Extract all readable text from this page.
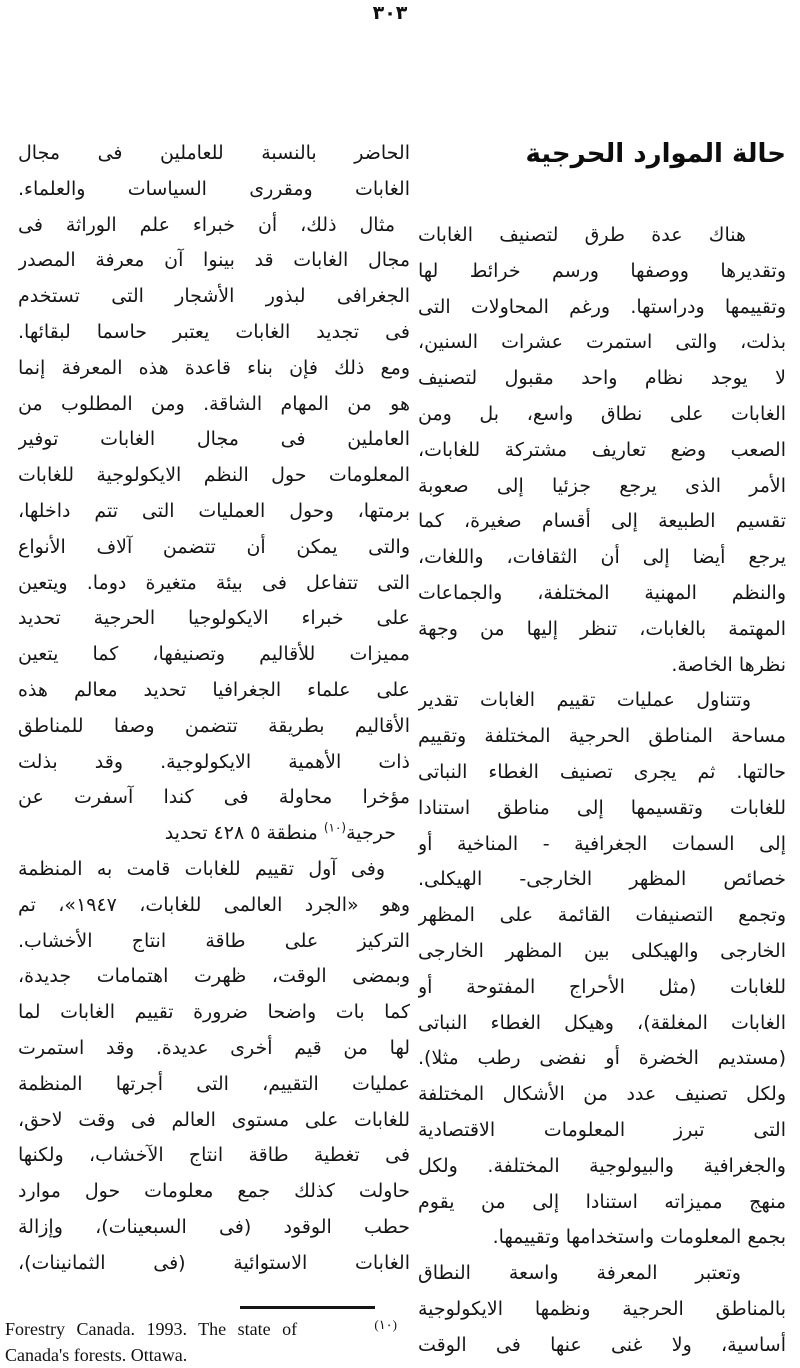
٣٠٣
الحاضر بالنسبة للعاملين فى مجال
الغابات ومقررى السياسات والعلماء.
مثال ذلك، أن خبراء علم الوراثة فى
مجال الغابات قد بينوا آن معرفة المصدر
الجغرافى لبذور الأشجار التى تستخدم
فى تجديد الغابات يعتبر حاسما لبقائها.
ومع ذلك فإن بناء قاعدة هذه المعرفة إنما
هو من المهام الشاقة. ومن المطلوب من
العاملين فى مجال الغابات توفير
المعلومات حول النظم الايكولوجية للغابات
برمتها، وحول العمليات التى تتم داخلها،
والتى يمكن أن تتضمن آلاف الأنواع
التى تتفاعل فى بيئة متغيرة دوما. ويتعين
على خبراء الايكولوجيا الحرجية تحديد
مميزات للأقاليم وتصنيفها، كما يتعين
على علماء الجغرافيا تحديد معالم هذه
الأقاليم بطريقة تتضمن وصفا للمناطق
ذات الأهمية الايكولوجية. وقد بذلت
مؤخرا محاولة فى كندا آسفرت عن
تحديد‎ ٤٢٨‎ ٥‎ منطقة‎ حرجية$^{(١٠)}$
وفى آول تقييم للغابات قامت به المنظمة
وهو «الجرد العالمى للغابات، ١٩٤٧»، تم
التركيز على طاقة انتاج الأخشاب.
وبمضى الوقت، ظهرت اهتمامات جديدة،
كما بات واضحا ضرورة تقييم الغابات لما
لها من قيم أخرى عديدة. وقد استمرت
عمليات التقييم، التى أجرتها المنظمة
للغابات على مستوى العالم فى وقت لاحق،
فى تغطية طاقة انتاج الآخشاب، ولكنها
حاولت كذلك جمع معلومات حول موارد
حطب الوقود (فى السبعينات)، وإزالة
الغابات الاستوائية (فى الثمانينات)،
حالة الموارد الحرجية
هناك عدة طرق لتصنيف الغابات
وتقديرها ووصفها ورسم خرائط لها
وتقييمها ودراستها. ورغم المحاولات التى
بذلت، والتى استمرت عشرات السنين،
لا يوجد نظام واحد مقبول لتصنيف
الغابات على نطاق واسع، بل ومن
الصعب وضع تعاريف مشتركة للغابات،
الأمر الذى يرجع جزئيا إلى صعوبة
تقسيم الطبيعة إلى أقسام صغيرة، كما
يرجع أيضا إلى أن الثقافات، واللغات،
والنظم المهنية المختلفة، والجماعات
المهتمة بالغابات، تنظر إليها من وجهة
نظرها الخاصة.
وتتناول عمليات تقييم الغابات تقدير
مساحة المناطق الحرجية المختلفة وتقييم
حالتها. ثم يجرى تصنيف الغطاء النباتى
للغابات وتقسيمها إلى مناطق استنادا
إلى السمات الجغرافية - المناخية أو
خصائص المظهر الخارجى- الهيكلى.
وتجمع التصنيفات القائمة على المظهر
الخارجى والهيكلى بين المظهر الخارجى
للغابات (مثل الأحراج المفتوحة أو
الغابات المغلقة)، وهيكل الغطاء النباتى
(مستديم الخضرة أو نفضى رطب مثلا).
ولكل تصنيف عدد من الأشكال المختلفة
التى تبرز المعلومات الاقتصادية
والجغرافية والبيولوجية المختلفة. ولكل
منهج مميزاته استنادا إلى من يقوم
بجمع المعلومات واستخدامها وتقييمها.
وتعتبر المعرفة واسعة النطاق
بالمناطق الحرجية ونظمها الايكولوجية
أساسية، ولا غنى عنها فى الوقت
Forestry Canada. 1993. The state of	$^{(١٠)}$
Canada's forests. Ottawa.
